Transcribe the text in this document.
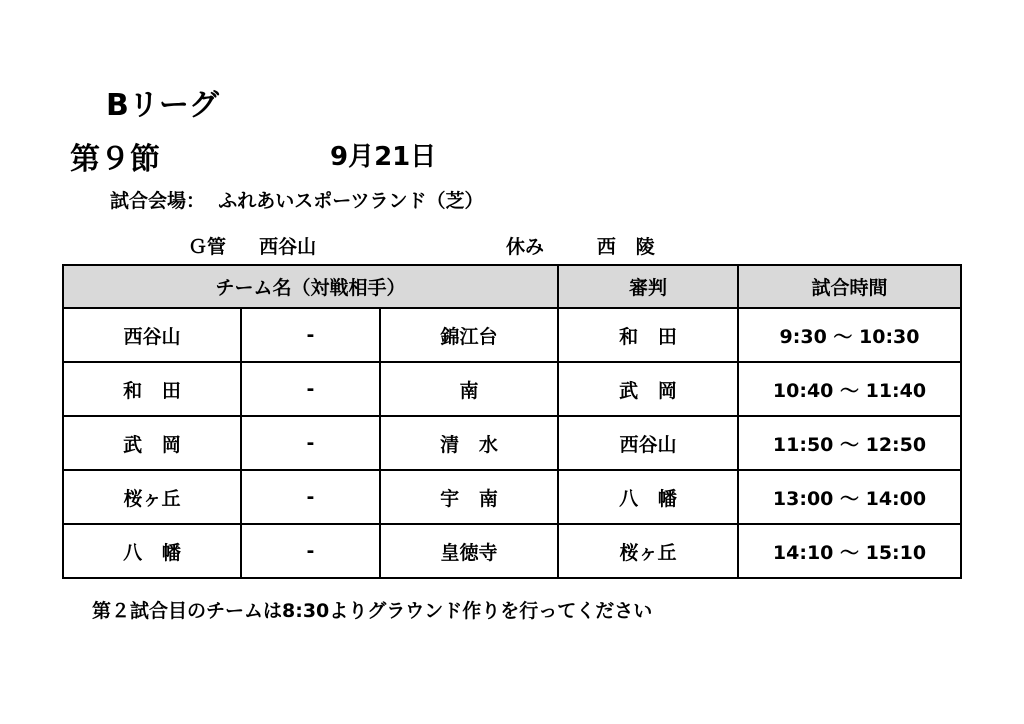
Bリーグ
第９節	9月21日
試合会場：  ふれあいスポーツランド（芝）
Ｇ管     西谷山	休み        西   陵
チーム名（対戦相手）			審判	試合時間
西谷山	-	錦江台	和   田	9:30 ～ 10:30
和   田	-	南	武   岡	10:40 ～ 11:40
武   岡	-	清   水	西谷山	11:50 ～ 12:50
桜ヶ丘	-	宇   南	八   幡	13:00 ～ 14:00
八   幡	-	皇徳寺	桜ヶ丘	14:10 ～ 15:10
第２試合目のチームは8:30よりグラウンド作りを行ってください
